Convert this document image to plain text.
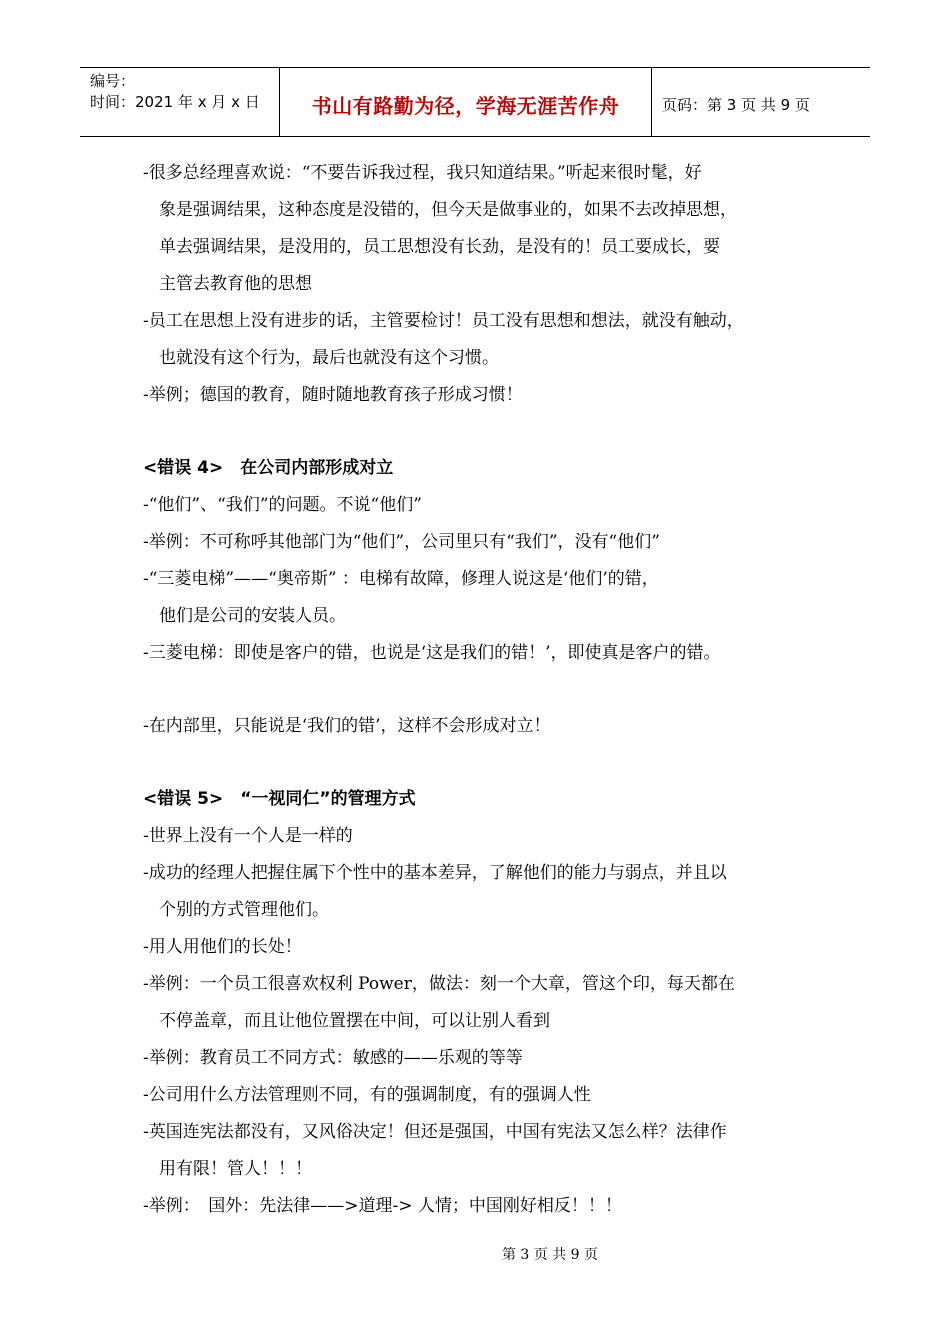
编号：
时间：2021 年 x 月 x 日	书山有路勤为径，学海无涯苦作舟	页码：第 3 页 共 9 页
-很多总经理喜欢说：“不要告诉我过程，我只知道结果。”听起来很时髦，好
象是强调结果，这种态度是没错的，但今天是做事业的，如果不去改掉思想，
单去强调结果，是没用的，员工思想没有长劲，是没有的！员工要成长，要
主管去教育他的思想
-员工在思想上没有进步的话，主管要检讨！员工没有思想和想法，就没有触动，
也就没有这个行为，最后也就没有这个习惯。
-举例；德国的教育，随时随地教育孩子形成习惯！
<错误 4>　在公司内部形成对立
-“他们”、“我们”的问题。不说“他们”
-举例：不可称呼其他部门为“他们”，公司里只有“我们”，没有“他们”
-“三菱电梯”——“奥帝斯” ：电梯有故障，修理人说这是‘他们’的错，
他们是公司的安装人员。
-三菱电梯：即使是客户的错，也说是‘这是我们的错！’，即使真是客户的错。
-在内部里，只能说是‘我们的错’，这样不会形成对立！
<错误 5>　“一视同仁”的管理方式
-世界上没有一个人是一样的
-成功的经理人把握住属下个性中的基本差异，了解他们的能力与弱点，并且以
个别的方式管理他们。
-用人用他们的长处！
-举例：一个员工很喜欢权利 Power，做法：刻一个大章，管这个印，每天都在
不停盖章，而且让他位置摆在中间，可以让别人看到
-举例：教育员工不同方式：敏感的——乐观的等等
-公司用什么方法管理则不同，有的强调制度，有的强调人性
-英国连宪法都没有，又风俗决定！但还是强国，中国有宪法又怎么样？法律作
用有限！管人！！！
-举例：　国外：先法律——>道理-> 人情；中国刚好相反！！！
第 3 页 共 9 页
